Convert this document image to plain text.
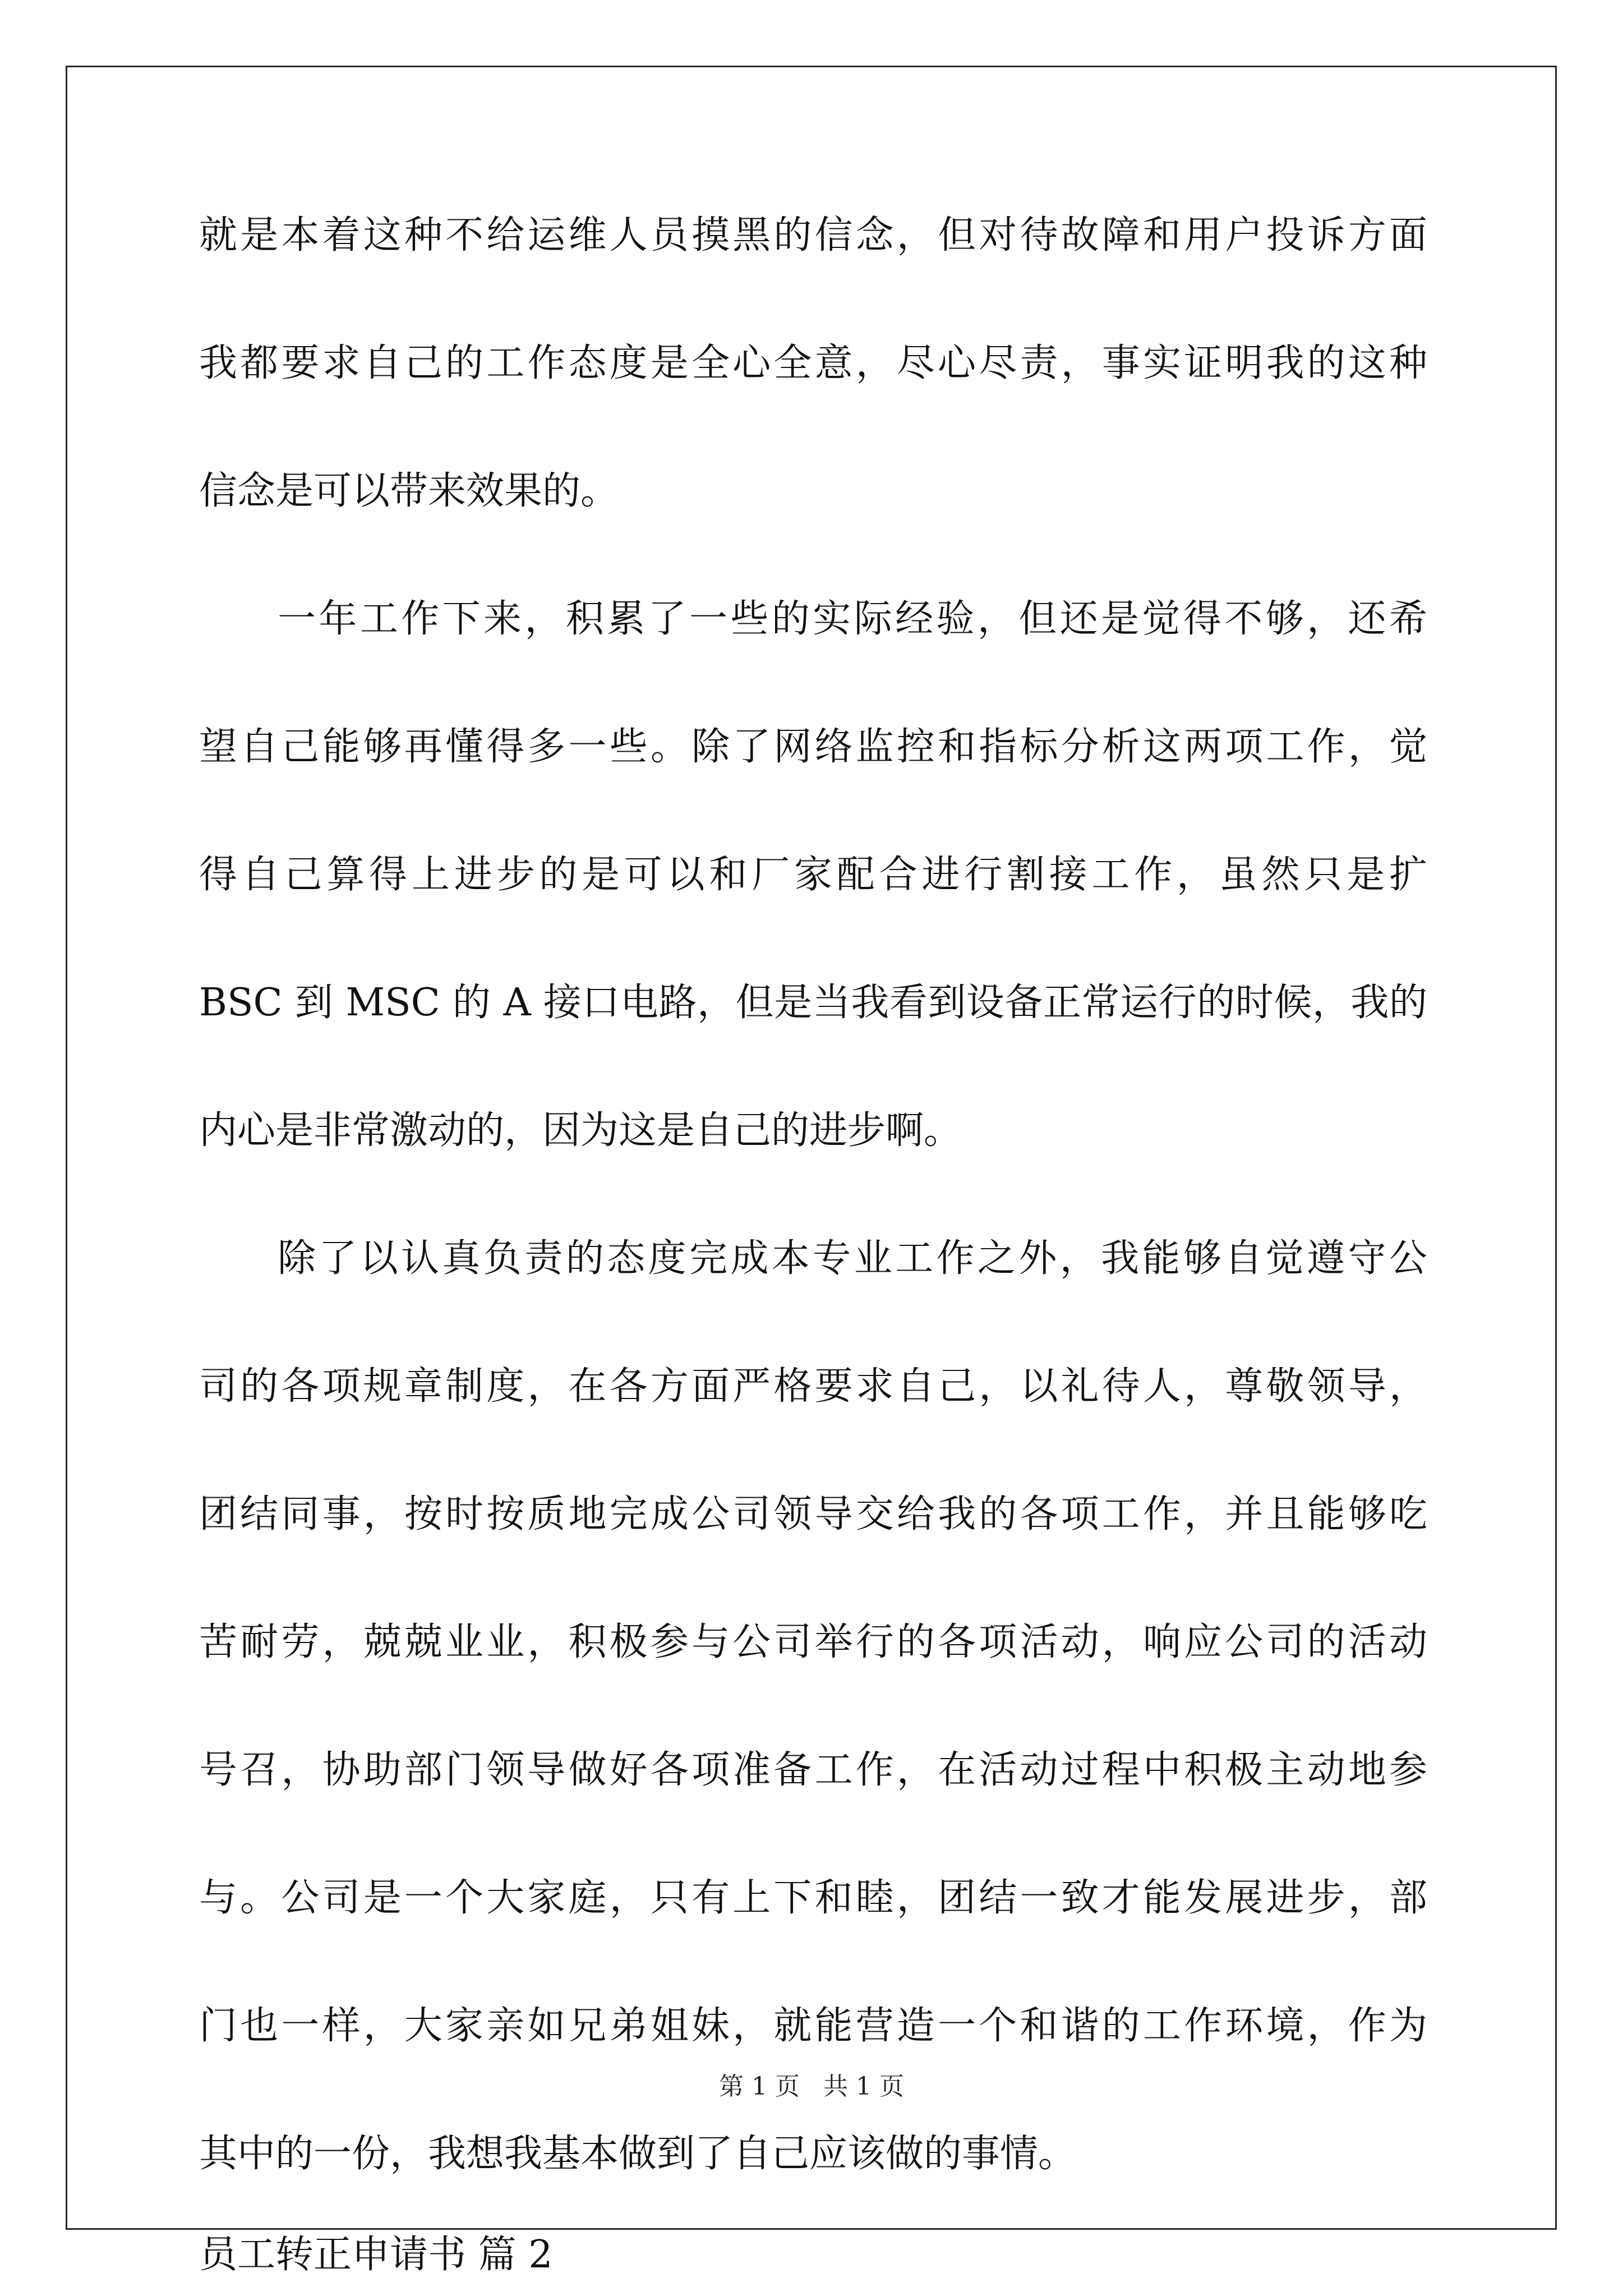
就是本着这种不给运维人员摸黑的信念，但对待故障和用户投诉方面
我都要求自己的工作态度是全心全意，尽心尽责，事实证明我的这种
信念是可以带来效果的。
一年工作下来，积累了一些的实际经验，但还是觉得不够，还希
望自己能够再懂得多一些。除了网络监控和指标分析这两项工作，觉
得自己算得上进步的是可以和厂家配合进行割接工作，虽然只是扩
BSC 到 MSC 的 A 接口电路，但是当我看到设备正常运行的时候，我的
内心是非常激动的，因为这是自己的进步啊。
除了以认真负责的态度完成本专业工作之外，我能够自觉遵守公
司的各项规章制度，在各方面严格要求自己，以礼待人，尊敬领导，
团结同事，按时按质地完成公司领导交给我的各项工作，并且能够吃
苦耐劳，兢兢业业，积极参与公司举行的各项活动，响应公司的活动
号召，协助部门领导做好各项准备工作，在活动过程中积极主动地参
与。公司是一个大家庭，只有上下和睦，团结一致才能发展进步，部
门也一样，大家亲如兄弟姐妹，就能营造一个和谐的工作环境，作为
其中的一份，我想我基本做到了自己应该做的事情。
员工转正申请书 篇 2
第 1 页 共 1 页
